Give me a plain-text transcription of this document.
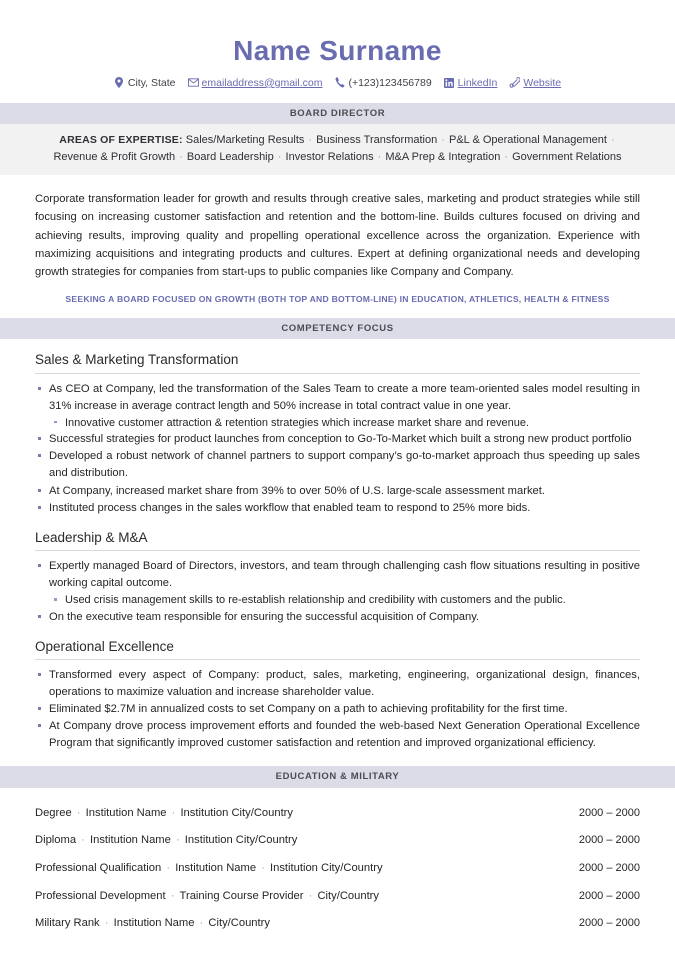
Name Surname
City, State emailaddress@gmail.com (+123)123456789 LinkedIn Website
BOARD DIRECTOR
AREAS OF EXPERTISE: Sales/Marketing Results · Business Transformation · P&L & Operational Management ·
Revenue & Profit Growth · Board Leadership · Investor Relations · M&A Prep & Integration · Government Relations
Corporate transformation leader for growth and results through creative sales, marketing and product strategies while still focusing on increasing customer satisfaction and retention and the bottom-line. Builds cultures focused on driving and achieving results, improving quality and propelling operational excellence across the organization. Experience with maximizing acquisitions and integrating products and cultures. Expert at defining organizational needs and developing growth strategies for companies from start-ups to public companies like Company and Company.
SEEKING A BOARD FOCUSED ON GROWTH (BOTH TOP AND BOTTOM-LINE) IN EDUCATION, ATHLETICS, HEALTH & FITNESS
COMPETENCY FOCUS
Sales & Marketing Transformation
As CEO at Company, led the transformation of the Sales Team to create a more team-oriented sales model resulting in 31% increase in average contract length and 50% increase in total contract value in one year.
Innovative customer attraction & retention strategies which increase market share and revenue.
Successful strategies for product launches from conception to Go-To-Market which built a strong new product portfolio
Developed a robust network of channel partners to support company’s go-to-market approach thus speeding up sales and distribution.
At Company, increased market share from 39% to over 50% of U.S. large-scale assessment market.
Instituted process changes in the sales workflow that enabled team to respond to 25% more bids.
Leadership & M&A
Expertly managed Board of Directors, investors, and team through challenging cash flow situations resulting in positive working capital outcome.
Used crisis management skills to re-establish relationship and credibility with customers and the public.
On the executive team responsible for ensuring the successful acquisition of Company.
Operational Excellence
Transformed every aspect of Company: product, sales, marketing, engineering, organizational design, finances, operations to maximize valuation and increase shareholder value.
Eliminated $2.7M in annualized costs to set Company on a path to achieving profitability for the first time.
At Company drove process improvement efforts and founded the web-based Next Generation Operational Excellence Program that significantly improved customer satisfaction and retention and improved organizational efficiency.
EDUCATION & MILITARY
Degree · Institution Name · Institution City/Country	2000 – 2000
Diploma · Institution Name · Institution City/Country	2000 – 2000
Professional Qualification · Institution Name · Institution City/Country	2000 – 2000
Professional Development · Training Course Provider · City/Country	2000 – 2000
Military Rank · Institution Name · City/Country	2000 – 2000
